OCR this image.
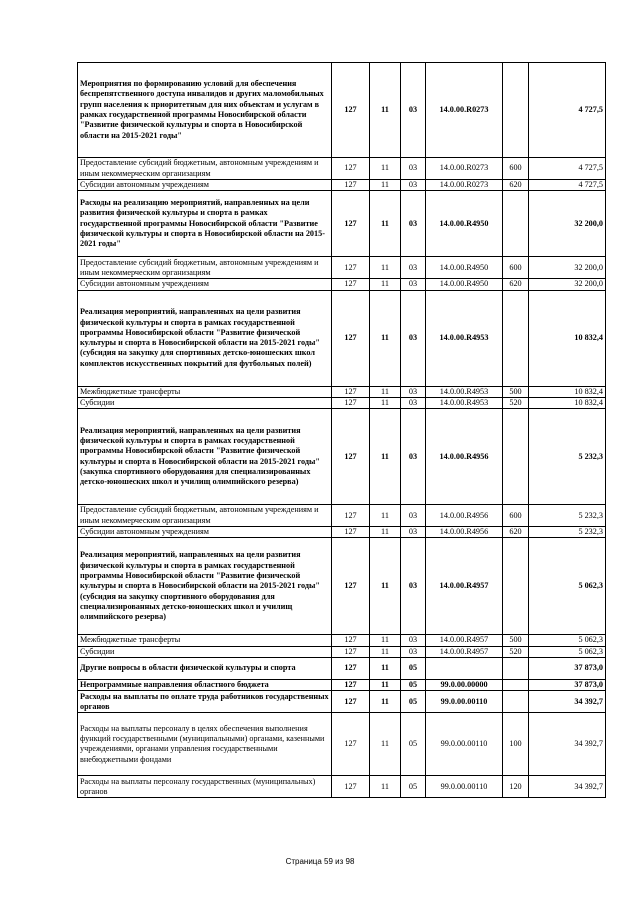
Мероприятия по формированию условий для обеспечения беспрепятственного доступа инвалидов и других маломобильных групп населения к приоритетным для них объектам и услугам в рамках государственной программы Новосибирской области "Развитие физической культуры и спорта в Новосибирской области на 2015-2021 годы"	127	11	03	14.0.00.R0273		4 727,5
Предоставление субсидий бюджетным, автономным учреждениям и иным некоммерческим организациям	127	11	03	14.0.00.R0273	600	4 727,5
Субсидии автономным учреждениям	127	11	03	14.0.00.R0273	620	4 727,5
Расходы на реализацию мероприятий, направленных на цели развития физической культуры и спорта в рамках государственной программы Новосибирской области "Развитие физической культуры и спорта в Новосибирской области на 2015-2021 годы"	127	11	03	14.0.00.R4950		32 200,0
Предоставление субсидий бюджетным, автономным учреждениям и иным некоммерческим организациям	127	11	03	14.0.00.R4950	600	32 200,0
Субсидии автономным учреждениям	127	11	03	14.0.00.R4950	620	32 200,0
Реализация мероприятий, направленных на цели развития физической культуры и спорта в рамках государственной программы Новосибирской области "Развитие физической культуры и спорта в Новосибирской области на 2015-2021 годы" (субсидия на закупку для спортивных детско-юношеских школ комплектов искусственных покрытий для футбольных полей)	127	11	03	14.0.00.R4953		10 832,4
Межбюджетные трансферты	127	11	03	14.0.00.R4953	500	10 832,4
Субсидии	127	11	03	14.0.00.R4953	520	10 832,4
Реализация мероприятий, направленных на цели развития физической культуры и спорта в рамках государственной программы Новосибирской области "Развитие физической культуры и спорта в Новосибирской области на 2015-2021 годы" (закупка спортивного оборудования для специализированных детско-юношеских школ и училищ олимпийского резерва)	127	11	03	14.0.00.R4956		5 232,3
Предоставление субсидий бюджетным, автономным учреждениям и иным некоммерческим организациям	127	11	03	14.0.00.R4956	600	5 232,3
Субсидии автономным учреждениям	127	11	03	14.0.00.R4956	620	5 232,3
Реализация мероприятий, направленных на цели развития физической культуры и спорта в рамках государственной программы Новосибирской области "Развитие физической культуры и спорта в Новосибирской области на 2015-2021 годы" (субсидия на закупку спортивного оборудования для специализированных детско-юношеских школ и училищ олимпийского резерва)	127	11	03	14.0.00.R4957		5 062,3
Межбюджетные трансферты	127	11	03	14.0.00.R4957	500	5 062,3
Субсидии	127	11	03	14.0.00.R4957	520	5 062,3
Другие вопросы в области физической культуры и спорта	127	11	05			37 873,0
Непрограммные направления областного бюджета	127	11	05	99.0.00.00000		37 873,0
Расходы на выплаты по оплате труда работников государственных органов	127	11	05	99.0.00.00110		34 392,7
Расходы на выплаты персоналу в целях обеспечения выполнения функций государственными (муниципальными) органами, казенными учреждениями, органами управления государственными внебюджетными фондами	127	11	05	99.0.00.00110	100	34 392,7
Расходы на выплаты персоналу государственных (муниципальных) органов	127	11	05	99.0.00.00110	120	34 392,7
Страница 59 из 98
